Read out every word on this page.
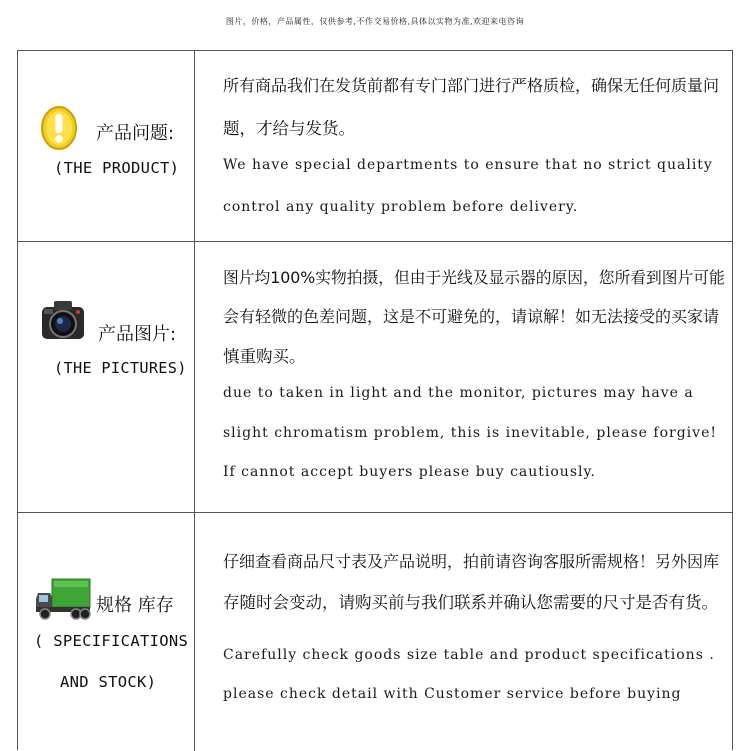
图片，价格，产品属性，仅供参考,不作交易价格,具体以实物为准,欢迎来电咨询
产品问题:
(THE PRODUCT)
所有商品我们在发货前都有专门部门进行严格质检，确保无任何质量问
题，才给与发货。
We have special departments to ensure that no strict quality
control any quality problem before delivery.
产品图片:
(THE PICTURES)
图片均100%实物拍摄，但由于光线及显示器的原因，您所看到图片可能
会有轻微的色差问题，这是不可避免的，请谅解！如无法接受的买家请
慎重购买。
due to taken in light and the monitor, pictures may have a
slight chromatism problem, this is inevitable, please forgive!
If cannot accept buyers please buy cautiously.
规格 库存
( SPECIFICATIONS
AND STOCK)
仔细查看商品尺寸表及产品说明，拍前请咨询客服所需规格！另外因库
存随时会变动，请购买前与我们联系并确认您需要的尺寸是否有货。
Carefully check goods size table and product specifications .
please check detail with Customer service before buying
